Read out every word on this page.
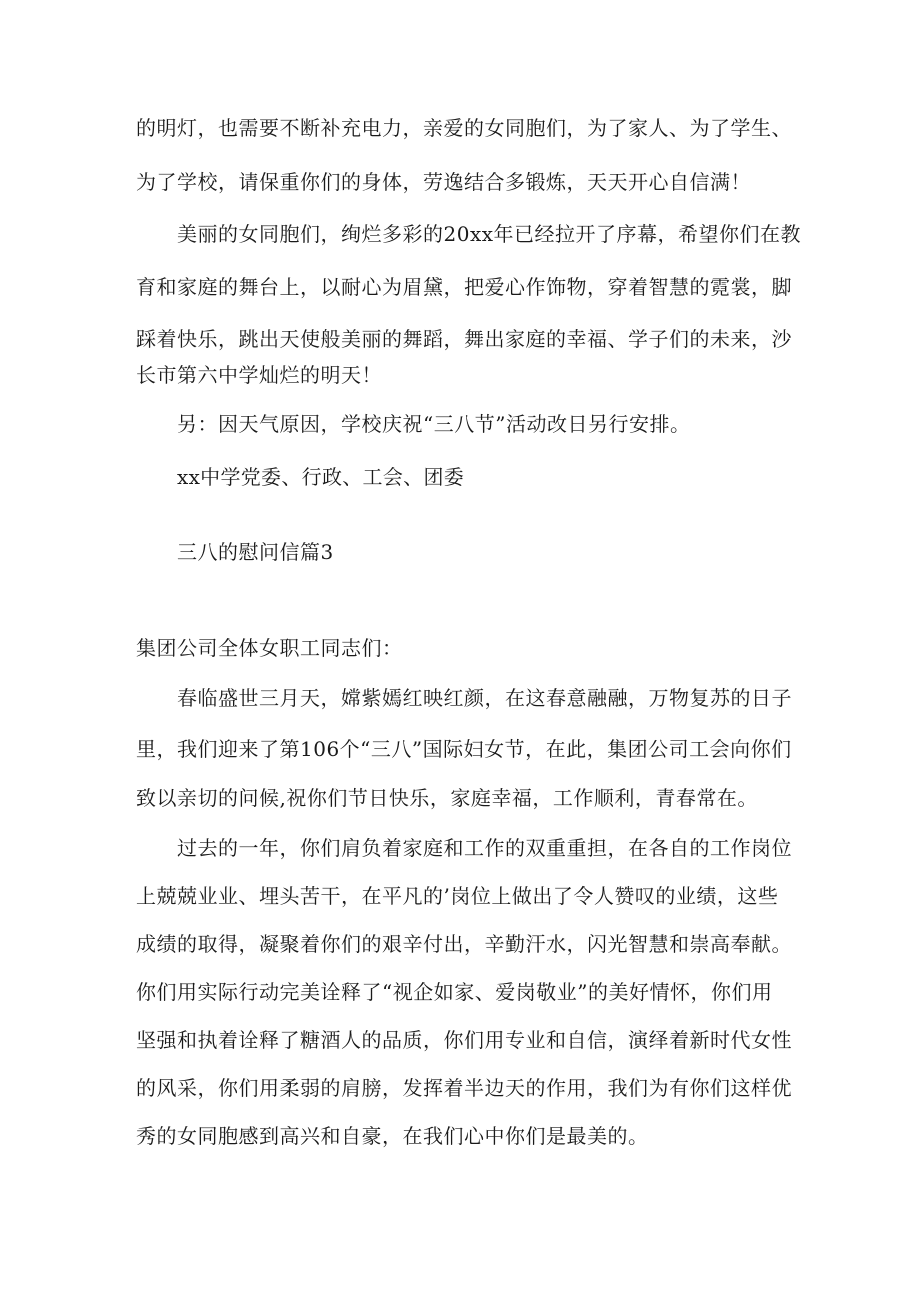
的明灯，也需要不断补充电力，亲爱的女同胞们，为了家人、为了学生、
为了学校，请保重你们的身体，劳逸结合多锻炼，天天开心自信满！
美丽的女同胞们，绚烂多彩的20xx年已经拉开了序幕，希望你们在教
育和家庭的舞台上，以耐心为眉黛，把爱心作饰物，穿着智慧的霓裳，脚
踩着快乐，跳出天使般美丽的舞蹈，舞出家庭的幸福、学子们的未来，沙
长市第六中学灿烂的明天！
另：因天气原因，学校庆祝“三八节”活动改日另行安排。
xx中学党委、行政、工会、团委
三八的慰问信篇3
集团公司全体女职工同志们：
春临盛世三月天，嫦紫嫣红映红颜，在这春意融融，万物复苏的日子
里，我们迎来了第106个“三八”国际妇女节，在此，集团公司工会向你们
致以亲切的问候,祝你们节日快乐，家庭幸福，工作顺利，青春常在。
过去的一年，你们肩负着家庭和工作的双重重担，在各自的工作岗位
上兢兢业业、埋头苦干，在平凡的’岗位上做出了令人赞叹的业绩，这些
成绩的取得，凝聚着你们的艰辛付出，辛勤汗水，闪光智慧和崇高奉献。
你们用实际行动完美诠释了“视企如家、爱岗敬业”的美好情怀，你们用
坚强和执着诠释了糖酒人的品质，你们用专业和自信，演绎着新时代女性
的风采，你们用柔弱的肩膀，发挥着半边天的作用，我们为有你们这样优
秀的女同胞感到高兴和自豪，在我们心中你们是最美的。
